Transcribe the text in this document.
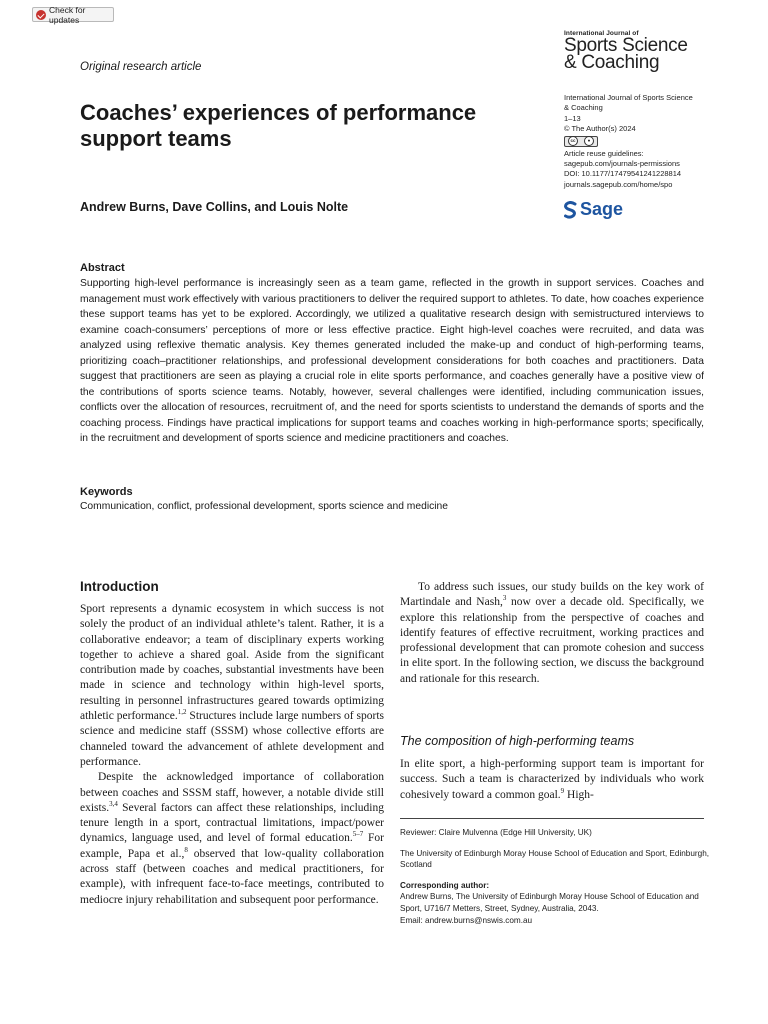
Check for updates
Original research article
International Journal of
Sports Science
& Coaching
Coaches’ experiences of performance
support teams
International Journal of Sports Science
& Coaching
1–13
© The Author(s) 2024
cc	●
Article reuse guidelines:
sagepub.com/journals-permissions
DOI: 10.1177/17479541241228814
journals.sagepub.com/home/spo
Sage
Andrew Burns, Dave Collins, and Louis Nolte
Abstract
Supporting high-level performance is increasingly seen as a team game, reflected in the growth in support services. Coaches and management must work effectively with various practitioners to deliver the required support to athletes. To date, how coaches experience these support teams has yet to be explored. Accordingly, we utilized a qualitative research design with semistructured interviews to examine coach-consumers’ perceptions of more or less effective practice. Eight high-level coaches were recruited, and data was analyzed using reflexive thematic analysis. Key themes generated included the make-up and conduct of high-performing teams, prioritizing coach–practitioner relationships, and professional development considerations for both coaches and practitioners. Data suggest that practitioners are seen as playing a crucial role in elite sports performance, and coaches generally have a positive view of the contributions of sports science teams. Notably, however, several challenges were identified, including communication issues, conflicts over the allocation of resources, recruitment of, and the need for sports scientists to understand the demands of sports and the coaching process. Findings have practical implications for support teams and coaches working in high-performance sports; specifically, in the recruitment and development of sports science and medicine practitioners and coaches.
Keywords
Communication, conflict, professional development, sports science and medicine
Introduction

Sport represents a dynamic ecosystem in which success is not solely the product of an individual athlete’s talent. Rather, it is a collaborative endeavor; a team of disciplinary experts working together to achieve a shared goal. Aside from the significant contribution made by coaches, substantial investments have been made in science and technology within high-level sports, resulting in personnel infrastructures geared towards optimizing athletic performance.$^{1,2}$ Structures include large numbers of sports science and medicine staff (SSSM) whose collective efforts are channeled toward the advancement of athlete development and performance.

Despite the acknowledged importance of collaboration between coaches and SSSM staff, however, a notable divide still exists.$^{3,4}$ Several factors can affect these relationships, including tenure length in a sport, contractual limitations, impact/power dynamics, language used, and level of formal education.$^{5-7}$ For example, Papa et al.,$^8$ observed that low-quality collaboration across staff (between coaches and medical practitioners, for example), with infrequent face-to-face meetings, contributed to mediocre injury rehabilitation and subsequent poor performance.

To address such issues, our study builds on the key work of Martindale and Nash,$^3$ now over a decade old. Specifically, we explore this relationship from the perspective of coaches and identify features of effective recruitment, working practices and professional development that can promote cohesion and success in elite sport. In the following section, we discuss the background and rationale for this research.

The composition of high-performing teams

In elite sport, a high-performing support team is important for success. Such a team is characterized by individuals who work cohesively toward a common goal.$^9$ High-

Reviewer: Claire Mulvenna (Edge Hill University, UK)
The University of Edinburgh Moray House School of Education and Sport, Edinburgh, Scotland
Corresponding author:
Andrew Burns, The University of Edinburgh Moray House School of Education and Sport, U716/7 Metters, Street, Sydney, Australia, 2043.
Email: andrew.burns@nswis.com.au
